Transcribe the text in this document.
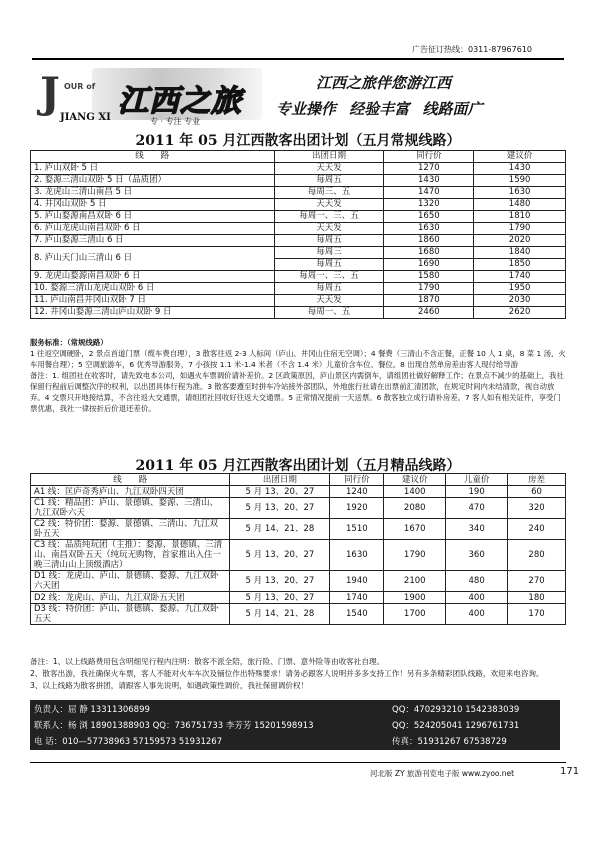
广告征订热线：0311-87967610
J OUR of
JIANG XI 江西之旅
专 · 专注 专业
江西之旅伴您游江西
专业操作 经验丰富 线路面广
2011 年 05 月江西散客出团计划（五月常规线路）
线　　路	出团日期	同行价	建议价
1. 庐山双卧 5 日	天天发	1270	1430
2. 婺源三清山双卧 5 日（品质团）	每周五	1430	1590
3. 龙虎山三清山南昌 5 日	每周三、五	1470	1630
4. 井冈山双卧 5 日	天天发	1320	1480
5. 庐山婺源南昌双卧 6 日	每周一、三、五	1650	1810
6. 庐山龙虎山南昌双卧 6 日	天天发	1630	1790
7. 庐山婺源三清山 6 日	每周五	1860	2020
8. 庐山天门山三清山 6 日	每周三	1680	1840
	每周五	1690	1850
9. 龙虎山婺源南昌双卧 6 日	每周一、三、五	1580	1740
10. 婺源三清山龙虎山双卧 6 日	每周五	1790	1950
11. 庐山南昌井冈山双卧 7 日	天天发	1870	2030
12. 井冈山婺源三清山庐山双卧 9 日	每周一、五	2460	2620
服务标准：（常规线路）
1 往返空调硬卧，2 景点首道门票（缆车费自理），3 散客往返 2-3 人标间（庐山、井冈山住宿无空调）；4 餐费（三清山不含正餐，正餐 10 人 1 桌，8 菜 1 汤，火车用餐自理）；5 空调旅游车，6 优秀导游服务，7 小孩按 1.1 米-1.4 米者（不含 1.4 米）儿童价含车位、餐位。8 出现自然单房差由客人现付给导游
备注：1. 组团社在收客时，请先致电本公司，如遇火车票调价请补差价。2 区政策原因，庐山景区内需倒车，请组团社做好解释工作；在景点不减少的基础上，我社保留行程前后调整次序的权利，以出团具体行程为准。3 散客要遵至时拼车冷站接外部团队，外地旅行社请在出票前汇清团款，在规定时间内未结清款，视自动放弃。4 交票只开地接结算，不含往返大交通票，请组团社回收好往返大交通票。5 正常情况提前一天送票。6 散客独立成行请补房差。7 客人如有相关证件，享受门票优惠，我社一律按折后价退还差价。
2011 年 05 月江西散客出团计划（五月精品线路）
线　　路	出团日期	同行价	建议价	儿童价	房差
A1 线：匡庐奇秀庐山、九江双卧四天团	5 月 13、20、27	1240	1400	190	60
C1 线：精品团：庐山、景德镇、婺源、三清山、九江双卧六天	5 月 13、20、27	1920	2080	470	320
C2 线：特价团：婺源、景德镇、三清山、九江双卧五天	5 月 14、21、28	1510	1670	340	240
C3 线：品质纯玩团（主推）：婺源、景德镇、三清山、南昌双卧五天（纯玩无购物，首家推出入住一晚三清山山上顶级酒店）	5 月 13、20、27	1630	1790	360	280
D1 线：龙虎山、庐山、景德镇、婺源、九江双卧六天团	5 月 13、20、27	1940	2100	480	270
D2 线：龙虎山、庐山、九江双卧五天团	5 月 13、20、27	1740	1900	400	180
D3 线：特价团：庐山、景德镇、婺源、九江双卧五天	5 月 14、21、28	1540	1700	400	170
备注：1、以上线路费用包含明细见行程内注明：散客不派全陪，旅行险、门票、意外险等由收客社自理。
2、散客出游，我社确保火车票，客人不能对火车车次及铺位作出特殊要求！请务必跟客人说明并多多支持工作！另有多条精彩团队线路，欢迎来电咨询。
3、以上线路为散客拼团，请跟客人事先说明，如遇政策性调价，我社保留调价权！
负责人：屈 静 13311306899	QQ：470293210 1542383039
联系人：杨 浏 18901388903 QQ：736751733 李芳芳 15201598913	QQ：524205041 1296761731
电 话：010—57738963 57159573 51931267	传真：51931267 67538729
河北版 ZY 旅游刊览电子版 www.zyoo.net	171
